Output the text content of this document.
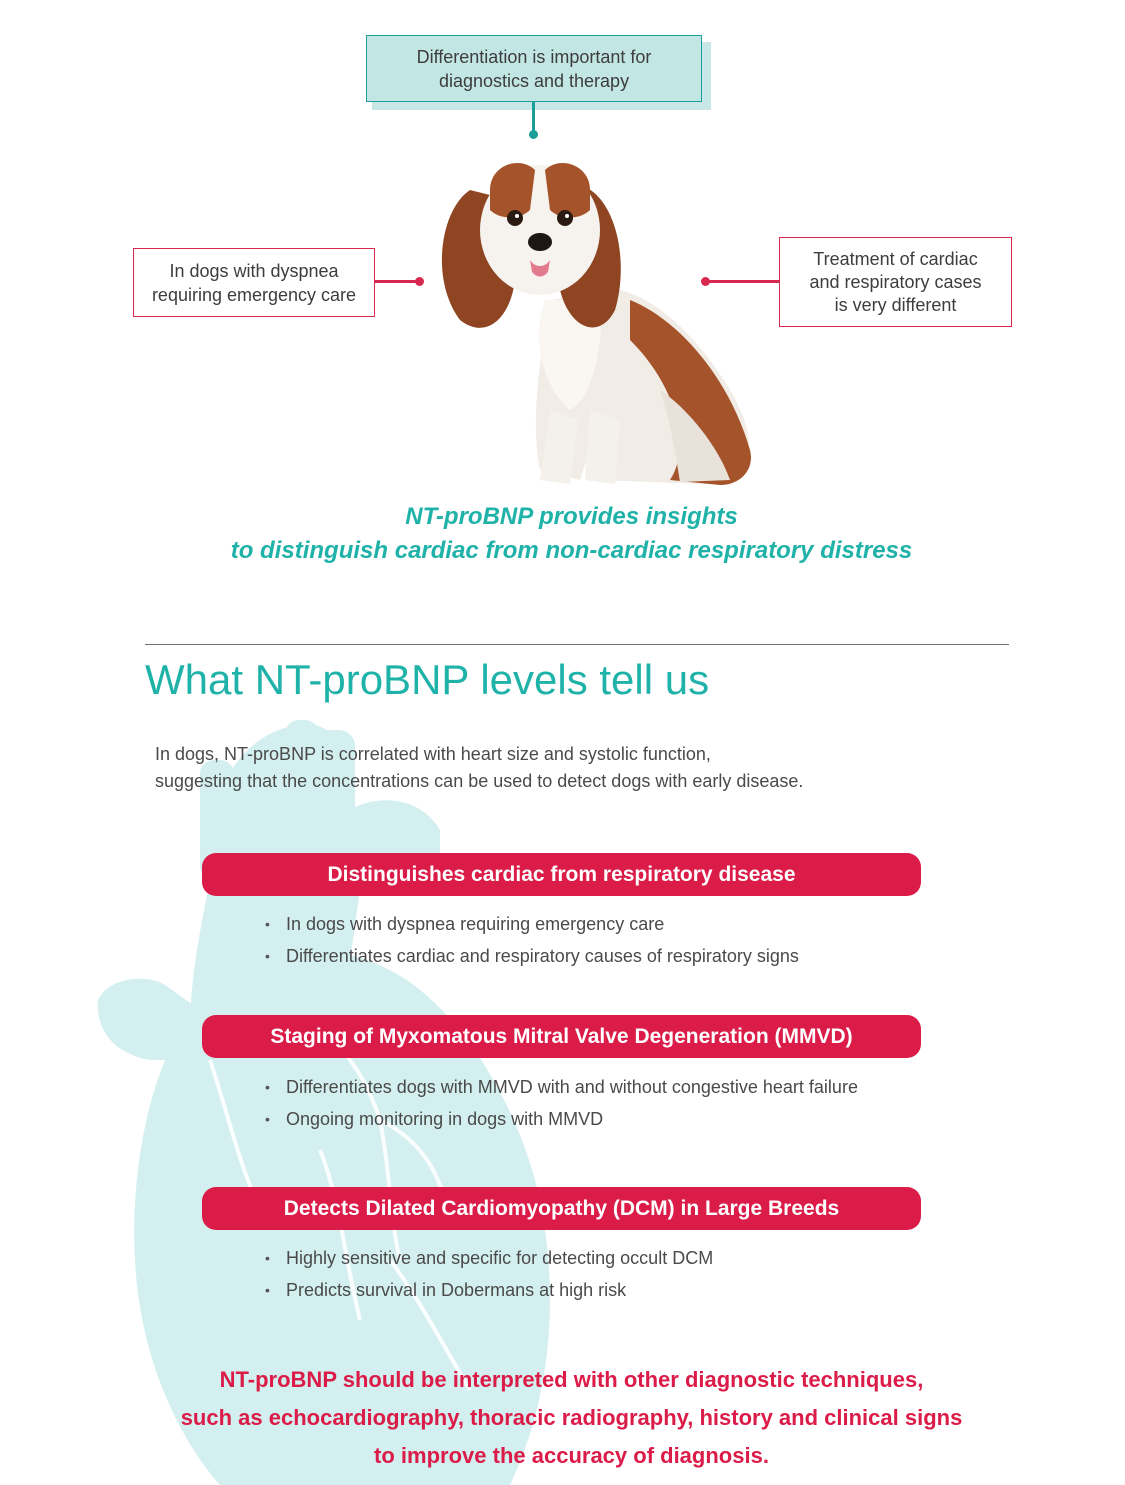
Differentiation is important for diagnostics and therapy
In dogs with dyspnea requiring emergency care
Treatment of cardiac and respiratory cases is very different
NT-proBNP provides insights
to distinguish cardiac from non-cardiac respiratory distress
What NT-proBNP levels tell us
In dogs, NT-proBNP is correlated with heart size and systolic function,
suggesting that the concentrations can be used to detect dogs with early disease.
Distinguishes cardiac from respiratory disease
• In dogs with dyspnea requiring emergency care
• Differentiates cardiac and respiratory causes of respiratory signs
Staging of Myxomatous Mitral Valve Degeneration (MMVD)
• Differentiates dogs with MMVD with and without congestive heart failure
• Ongoing monitoring in dogs with MMVD
Detects Dilated Cardiomyopathy (DCM) in Large Breeds
• Highly sensitive and specific for detecting occult DCM
• Predicts survival in Dobermans at high risk
NT-proBNP should be interpreted with other diagnostic techniques,
such as echocardiography, thoracic radiography, history and clinical signs
to improve the accuracy of diagnosis.
